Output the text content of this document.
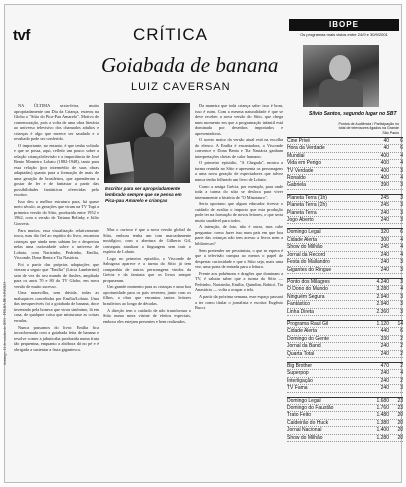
tvf	CRÍTICA
Goiabada de banana
LUIZ CAVERSAN

NA ÚLTIMA sexta-feira, muito apropriadamente um Dia da Criança, estreou na Globo o "Sítio do Pica-Pau Amarelo". Motivo de comemoração, pois a volta de uma obra literária ao universo televisivo dos chamados adultos e crianças é algo que merece ser saudado e o resultado pode ser conferido.

O importante, no entanto, é que tenha voltado e que se possa, aqui, refletir um pouco sobre a relação criança/televisão e a importância de José Bento Monteiro Lobato (1882-1948), tanto para essa relação (por intermédio de suas obras adaptadas) quanto para a formação de mais de uma geração de brasileiros, que aprenderam a gostar de ler e de fantasiar a partir das possibilidades fantásticas oferecidas pelo escritor.

Isso deu a melhor estrutura para, há quase meio século, as gerações que viram na TV Tupi a primeira versão do Sítio, produzida entre 1952 e 1962, com a versão de Tatiana Belinky e Júlio Gouveia.

Para muitos, essa visualização relativamente tosca, mas tão fiel ao espírito do livro, encantou crianças que ainda nem sabiam ler e despertou nelas uma curiosidade sobre o universo de Lobato, com Narizinho, Pedrinho, Emília, Visconde, Dona Benta e Tia Nastácia.

Foi a partir das próprias adaptações que vieram a seguir que "Emília" (Lúcia Lambertini) saiu de vez do seu mundo de ilusões, ampliada para os anos 70 e 80 da TV Globo, em nova versão de muito sucesso.

Uma maravilha, sem dúvida, todas as maluquices concebidas por Emília/Lobato. Uma das inesquecíveis foi a goiabada de banana, doce inventado pela boneca que virou sinônimo, lá em casa, de qualquer coisa que misturasse as coisas erradas.

Nunca passamos do livro: Emília fica inconformada com a goiabada feita de banana e resolve comer a jabuticaba produzida numa fruta tão pequenina, enquanto a abóbora dá no pé e é obrigada a sustentar a fruta gigantesca.

Escritor para ser apropriadamente lembrado sempre que se pensa em Pica-pau Amarelo e crianças

Mas o curioso é que a nova versão global do Sítio, embora tenha um tom marcadamente nostálgico, com a abertura de Gilberto Gil, conseguiu atualizar a linguagem sem trair o espírito de Lobato.

Logo no primeiro episódio, o Visconde de Sabugosa aparece e a turma do Sítio já tem companhia de outros personagens vindos da Grécia e da fantasia que os livros sempre propuseram.

Um grande momento para as crianças e uma boa oportunidade para os pais reverem, junto com os filhos, a obra que encantou tantos leitores brasileiros ao longo de décadas.

A direção tem o cuidado de não transformar o Sítio numa mera vitrine de efeitos especiais, embora eles estejam presentes e bem realizados.

Da maneira que toda criança sabe: isso é bom, isso é ruim. Com a mesma naturalidade é que se deve receber a nova versão do Sítio, que chega num momento em que a programação infantil está dominada por desenhos importados e apresentadoras.

O acerto maior da versão atual está na escolha do elenco. A Emília é encantadora, o Visconde convence e Dona Benta e Tia Nastácia ganham interpretações cheias de calor humano.

O primeiro episódio, "A Chegada", mostra a turma reunida no Sítio e apresenta os personagens a uma nova geração de espectadores que talvez nunca tenha folheado um livro de Lobato.

Como a amiga Grécia, por exemplo, para onde toda a turma do sítio se desloca para viver intensamente a história de "O Minotauro".

Seria oportuno que algum educador tivesse o cuidado de avaliar o impacto que esta produção pode ter na formação de novos leitores, o que seria muito saudável para todos.

A intenção, de fato, não é outra, mas cabe perguntar: como fazer isso num país em que boa parte das crianças não tem acesso a livros nem a bibliotecas?

Sem pretender ser pessimista, o que se espera é que a televisão cumpra ao menos o papel de despertar curiosidade e que o Sítio seja, mais uma vez, uma porta de entrada para a leitura.

Frente aos pokémons e dragões que dominam a TV, é salutar saber que a turma do Sítio — Pedrinho, Narizinho, Emília, Quindim, Rabicó, Tia Anastácia — volta a ocupar a tela.

A partir da próxima semana, esse espaço passará a ter como titular o jornalista e escritor Eugênio Bucci.

IBOPE
Os programas mais vistos entre 24/9 e 30/9/2001
Silvio Santos, segundo lugar no SBT
Pontos de Audiência / Participação no total de televisores ligados na Grande São Paulo
Cine Privé	40	6
Hora da Verdade	40	6
Mundial	400	4
Vida em Perigo	400	4
TV Verdade	400	3
Ronaldo	400	4
Gabriela	390	3
Planeta Terra (1h)	245	3
Planeta Terra (2h)	245	3
Planeta Terra	240	3
Jogo Aberto	240	3
Domingo Legal	320	6
Cidade Alerta	300	4
Show do Milhão	245	4
Jornal da Record	240	4
Festa do Mallandro	240	3
Gigantes do Ringue	240	3
Ponto dos Milagres	4.240	3
O Dono do Mundo	3.280	4
Ninguém Segura	2.940	3
Fantástico	2.940	3
Linha Direta	2.360	3
Programa Raul Gil	1.120	14
Cidade Alerta	440	6
Domingo do Gente	330	2
Jornal da Band	240	2
Quarta Total	240	2
Big Brother	470	2
Superpop	240	4
Interligação	240	2
TV Fama	240	3
Domingo Legal	1.680	23
Domingo do Faustão	1.760	23
Trato Feito	1.480	20
Caldeirão do Huck	1.380	20
Jornal Nacional	1.400	20
Show do Milhão	1.280	20
domingo, 14 de outubro de 2001 · FOLHA DE S.PAULO
